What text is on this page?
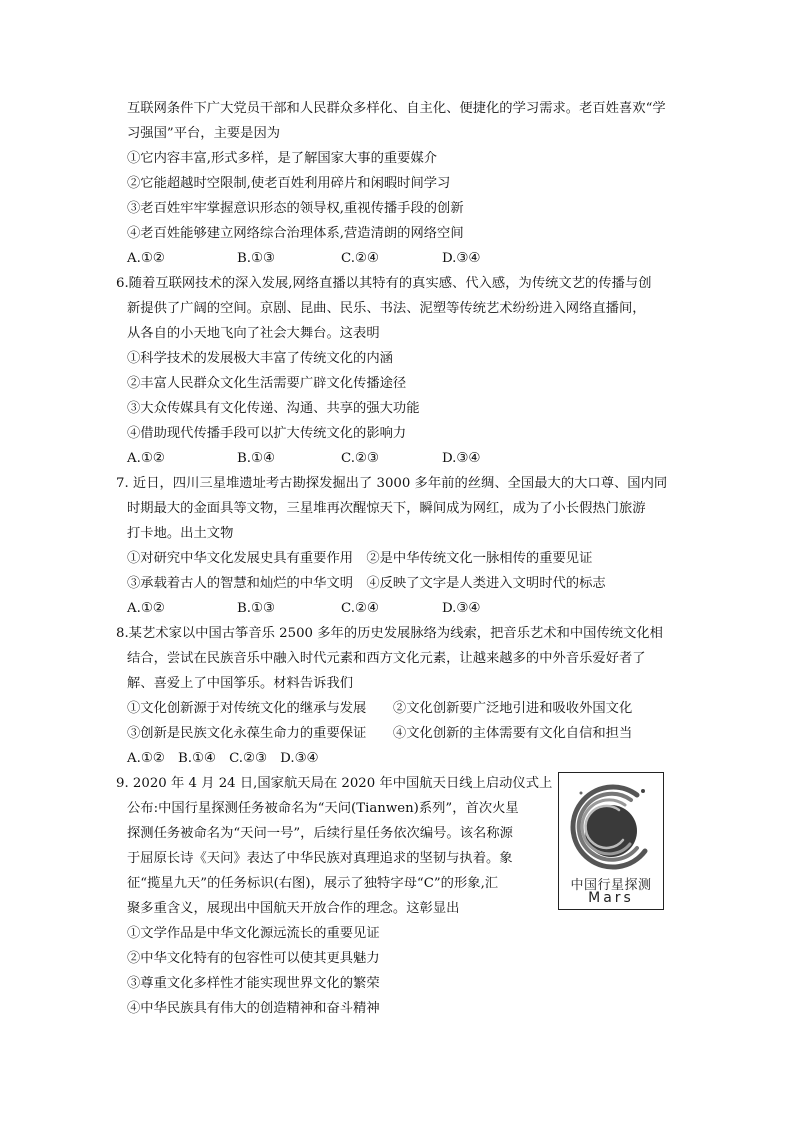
互联网条件下广大党员干部和人民群众多样化、自主化、便捷化的学习需求。老百姓喜欢“学
习强国”平台，主要是因为
①它内容丰富,形式多样，是了解国家大事的重要媒介
②它能超越时空限制,使老百姓利用碎片和闲暇时间学习
③老百姓牢牢掌握意识形态的领导权,重视传播手段的创新
④老百姓能够建立网络综合治理体系,营造清朗的网络空间
A.①②	B.①③	C.②④	D.③④
6.随着互联网技术的深入发展,网络直播以其特有的真实感、代入感，为传统文艺的传播与创
新提供了广阔的空间。京剧、昆曲、民乐、书法、泥塑等传统艺术纷纷进入网络直播间，
从各自的小天地飞向了社会大舞台。这表明
①科学技术的发展极大丰富了传统文化的内涵
②丰富人民群众文化生活需要广辟文化传播途径
③大众传媒具有文化传递、沟通、共享的强大功能
④借助现代传播手段可以扩大传统文化的影响力
A.①②	B.①④	C.②③	D.③④
7. 近日，四川三星堆遗址考古勘探发掘出了 3000 多年前的丝绸、全国最大的大口尊、国内同
时期最大的金面具等文物，三星堆再次醒惊天下，瞬间成为网红，成为了小长假热门旅游
打卡地。出土文物
①对研究中华文化发展史具有重要作用　②是中华传统文化一脉相传的重要见证
③承载着古人的智慧和灿烂的中华文明　④反映了文字是人类进入文明时代的标志
A.①②	B.①③	C.②④	D.③④
8.某艺术家以中国古筝音乐 2500 多年的历史发展脉络为线索，把音乐艺术和中国传统文化相
结合，尝试在民族音乐中融入时代元素和西方文化元素，让越来越多的中外音乐爱好者了
解、喜爱上了中国筝乐。材料告诉我们
①文化创新源于对传统文化的继承与发展　　②文化创新要广泛地引进和吸收外国文化
③创新是民族文化永葆生命力的重要保证　　④文化创新的主体需要有文化自信和担当
A.①②　B.①④　C.②③　D.③④
9. 2020 年 4 月 24 日,国家航天局在 2020 年中国航天日线上启动仪式上
公布:中国行星探测任务被命名为“天问(Tianwen)系列”，首次火星
探测任务被命名为“天问一号”，后续行星任务依次编号。该名称源
于屈原长诗《天问》表达了中华民族对真理追求的坚韧与执着。象
征“揽星九天”的任务标识(右图)，展示了独特字母“C”的形象,汇
聚多重含义，展现出中国航天开放合作的理念。这彰显出
①文学作品是中华文化源远流长的重要见证
②中华文化特有的包容性可以使其更具魅力
③尊重文化多样性才能实现世界文化的繁荣
④中华民族具有伟大的创造精神和奋斗精神
中国行星探测
Mars
